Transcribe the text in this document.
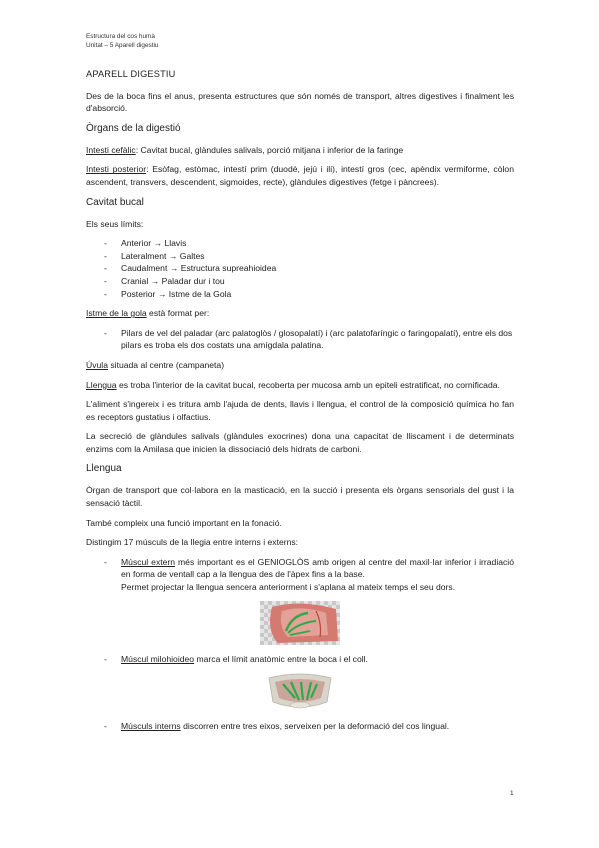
Estructura del cos humà
Unitat – 5 Aparell digestiu

APARELL DIGESTIU

Des de la boca fins el anus, presenta estructures que són només de transport, altres digestives i finalment les d'absorció.

Òrgans de la digestió

Intesti cefàlic: Cavitat bucal, glàndules salivals, porció mitjana i inferior de la faringe

Intesti posterior: Esòfag, estòmac, intestí prim (duodè, jejú i ili), intestí gros (cec, apèndix vermiforme, còlon ascendent, transvers, descendent, sigmoides, recte), glàndules digestives (fetge i pàncrees).

Cavitat bucal

Els seus límits:

- Anterior → Llavis
- Lateralment → Galtes
- Caudalment → Estructura supreahioidea
- Cranial → Paladar dur i tou
- Posterior → Istme de la Gola

Istme de la gola està format per:

- Pilars de vel del paladar (arc palatoglòs / glosopalatí) i (arc palatofaríngic o faringopalatí), entre els dos pilars es troba els dos costats una amígdala palatina.

Úvula situada al centre (campaneta)

Llengua es troba l'interior de la cavitat bucal, recoberta per mucosa amb un epiteli estratificat, no cornificada.

L'aliment s'ingereix i es tritura amb l'ajuda de dents, llavis i llengua, el control de la composició química ho fan es receptors gustatius i olfactius.

La secreció de glàndules salivals (glàndules exocrines) dona una capacitat de lliscament i de determinats enzims com la Amilasa que inicien la dissociació dels hidrats de carboni.

Llengua

Òrgan de transport que col·labora en la masticació, en la succió i presenta els òrgans sensorials del gust i la sensació tàctil.

També compleix una funció important en la fonació.

Distingim 17 músculs de la llegia entre interns i externs:

- Múscul extern més important es el GENIOGLÒS amb origen al centre del maxil·lar inferior i irradiació en forma de ventall cap a la llengua des de l'àpex fins a la base.
Permet projectar la llengua sencera anteriorment i s'aplana al mateix temps el seu dors.
- Múscul milohioideo marca el límit anatòmic entre la boca i el coll.
- Músculs interns discorren entre tres eixos, serveixen per la deformació del cos lingual.
1
